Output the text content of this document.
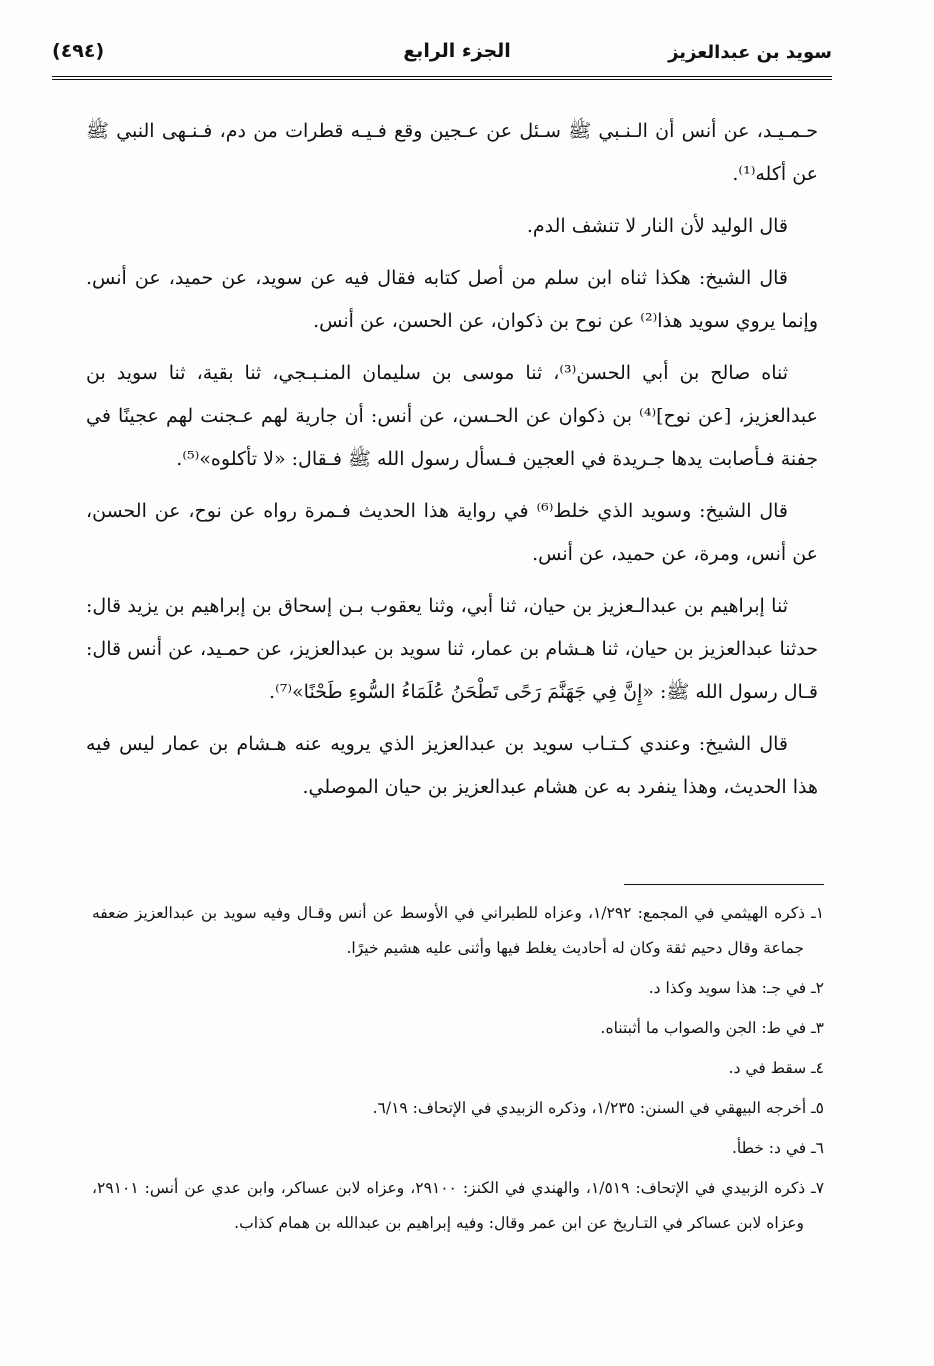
سويد بن عبدالعزيز
الجزء الرابع
(٤٩٤)

حـمـيـد، عن أنس أن الـنـبي ﷺ سـئل عن عـجين وقع فـيـه قطرات من دم، فـنـهى النبي ﷺ عن أكله⁽¹⁾.

قال الوليد لأن النار لا تنشف الدم.

قال الشيخ: هكذا ثناه ابن سلم من أصل كتابه فقال فيه عن سويد، عن حميد، عن أنس. وإنما يروي سويد هذا⁽²⁾ عن نوح بن ذكوان، عن الحسن، عن أنس.

ثناه صالح بن أبي الحسن⁽³⁾، ثنا موسى بن سليمان المنـبـجي، ثنا بقية، ثنا سويد بن عبدالعزيز، [عن نوح]⁽⁴⁾ بن ذكوان عن الحـسن، عن أنس: أن جارية لهم عـجنت لهم عجينًا في جفنة فـأصابت يدها جـريدة في العجين فـسأل رسول الله ﷺ فـقال: «لا تأكلوه»⁽⁵⁾.

قال الشيخ: وسويد الذي خلط⁽⁶⁾ في رواية هذا الحديث فـمرة رواه عن نوح، عن الحسن، عن أنس، ومرة، عن حميد، عن أنس.

ثنا إبراهيم بن عبدالـعزيز بن حيان، ثنا أبي، وثنا يعقوب بـن إسحاق بن إبراهيم بن يزيد قال: حدثنا عبدالعزيز بن حيان، ثنا هـشام بن عمار، ثنا سويد بن عبدالعزيز، عن حمـيد، عن أنس قال: قـال رسول الله ﷺ: «إِنَّ فِي جَهَنَّمَ رَحًى تَطْحَنُ عُلَمَاءُ السُّوءِ طَحْنًا»⁽⁷⁾.

قال الشيخ: وعندي كـتـاب سويد بن عبدالعزيز الذي يرويه عنه هـشام بن عمار ليس فيه هذا الحديث، وهذا ينفرد به عن هشام عبدالعزيز بن حيان الموصلي.

١ـ ذكره الهيثمي في المجمع: ١/٢٩٢، وعزاه للطبراني في الأوسط عن أنس وقـال وفيه سويد بن عبدالعزيز ضعفه جماعة وقال دحيم ثقة وكان له أحاديث يغلط فيها وأثنى عليه هشيم خيرًا.

٢ـ في جـ: هذا سويد وكذا د.

٣ـ في ط: الجن والصواب ما أثبتناه.

٤ـ سقط في د.

٥ـ أخرجه البيهقي في السنن: ١/٢٣٥، وذكره الزبيدي في الإتحاف: ٦/١٩.

٦ـ في د: خطأ.

٧ـ ذكره الزبيدي في الإتحاف: ١/٥١٩، والهندي في الكنز: ٢٩١٠٠، وعزاه لابن عساكر، وابن عدي عن أنس: ٢٩١٠١، وعزاه لابن عساكر في التـاريخ عن ابن عمر وقال: وفيه إبراهيم بن عبدالله بن همام كذاب.
